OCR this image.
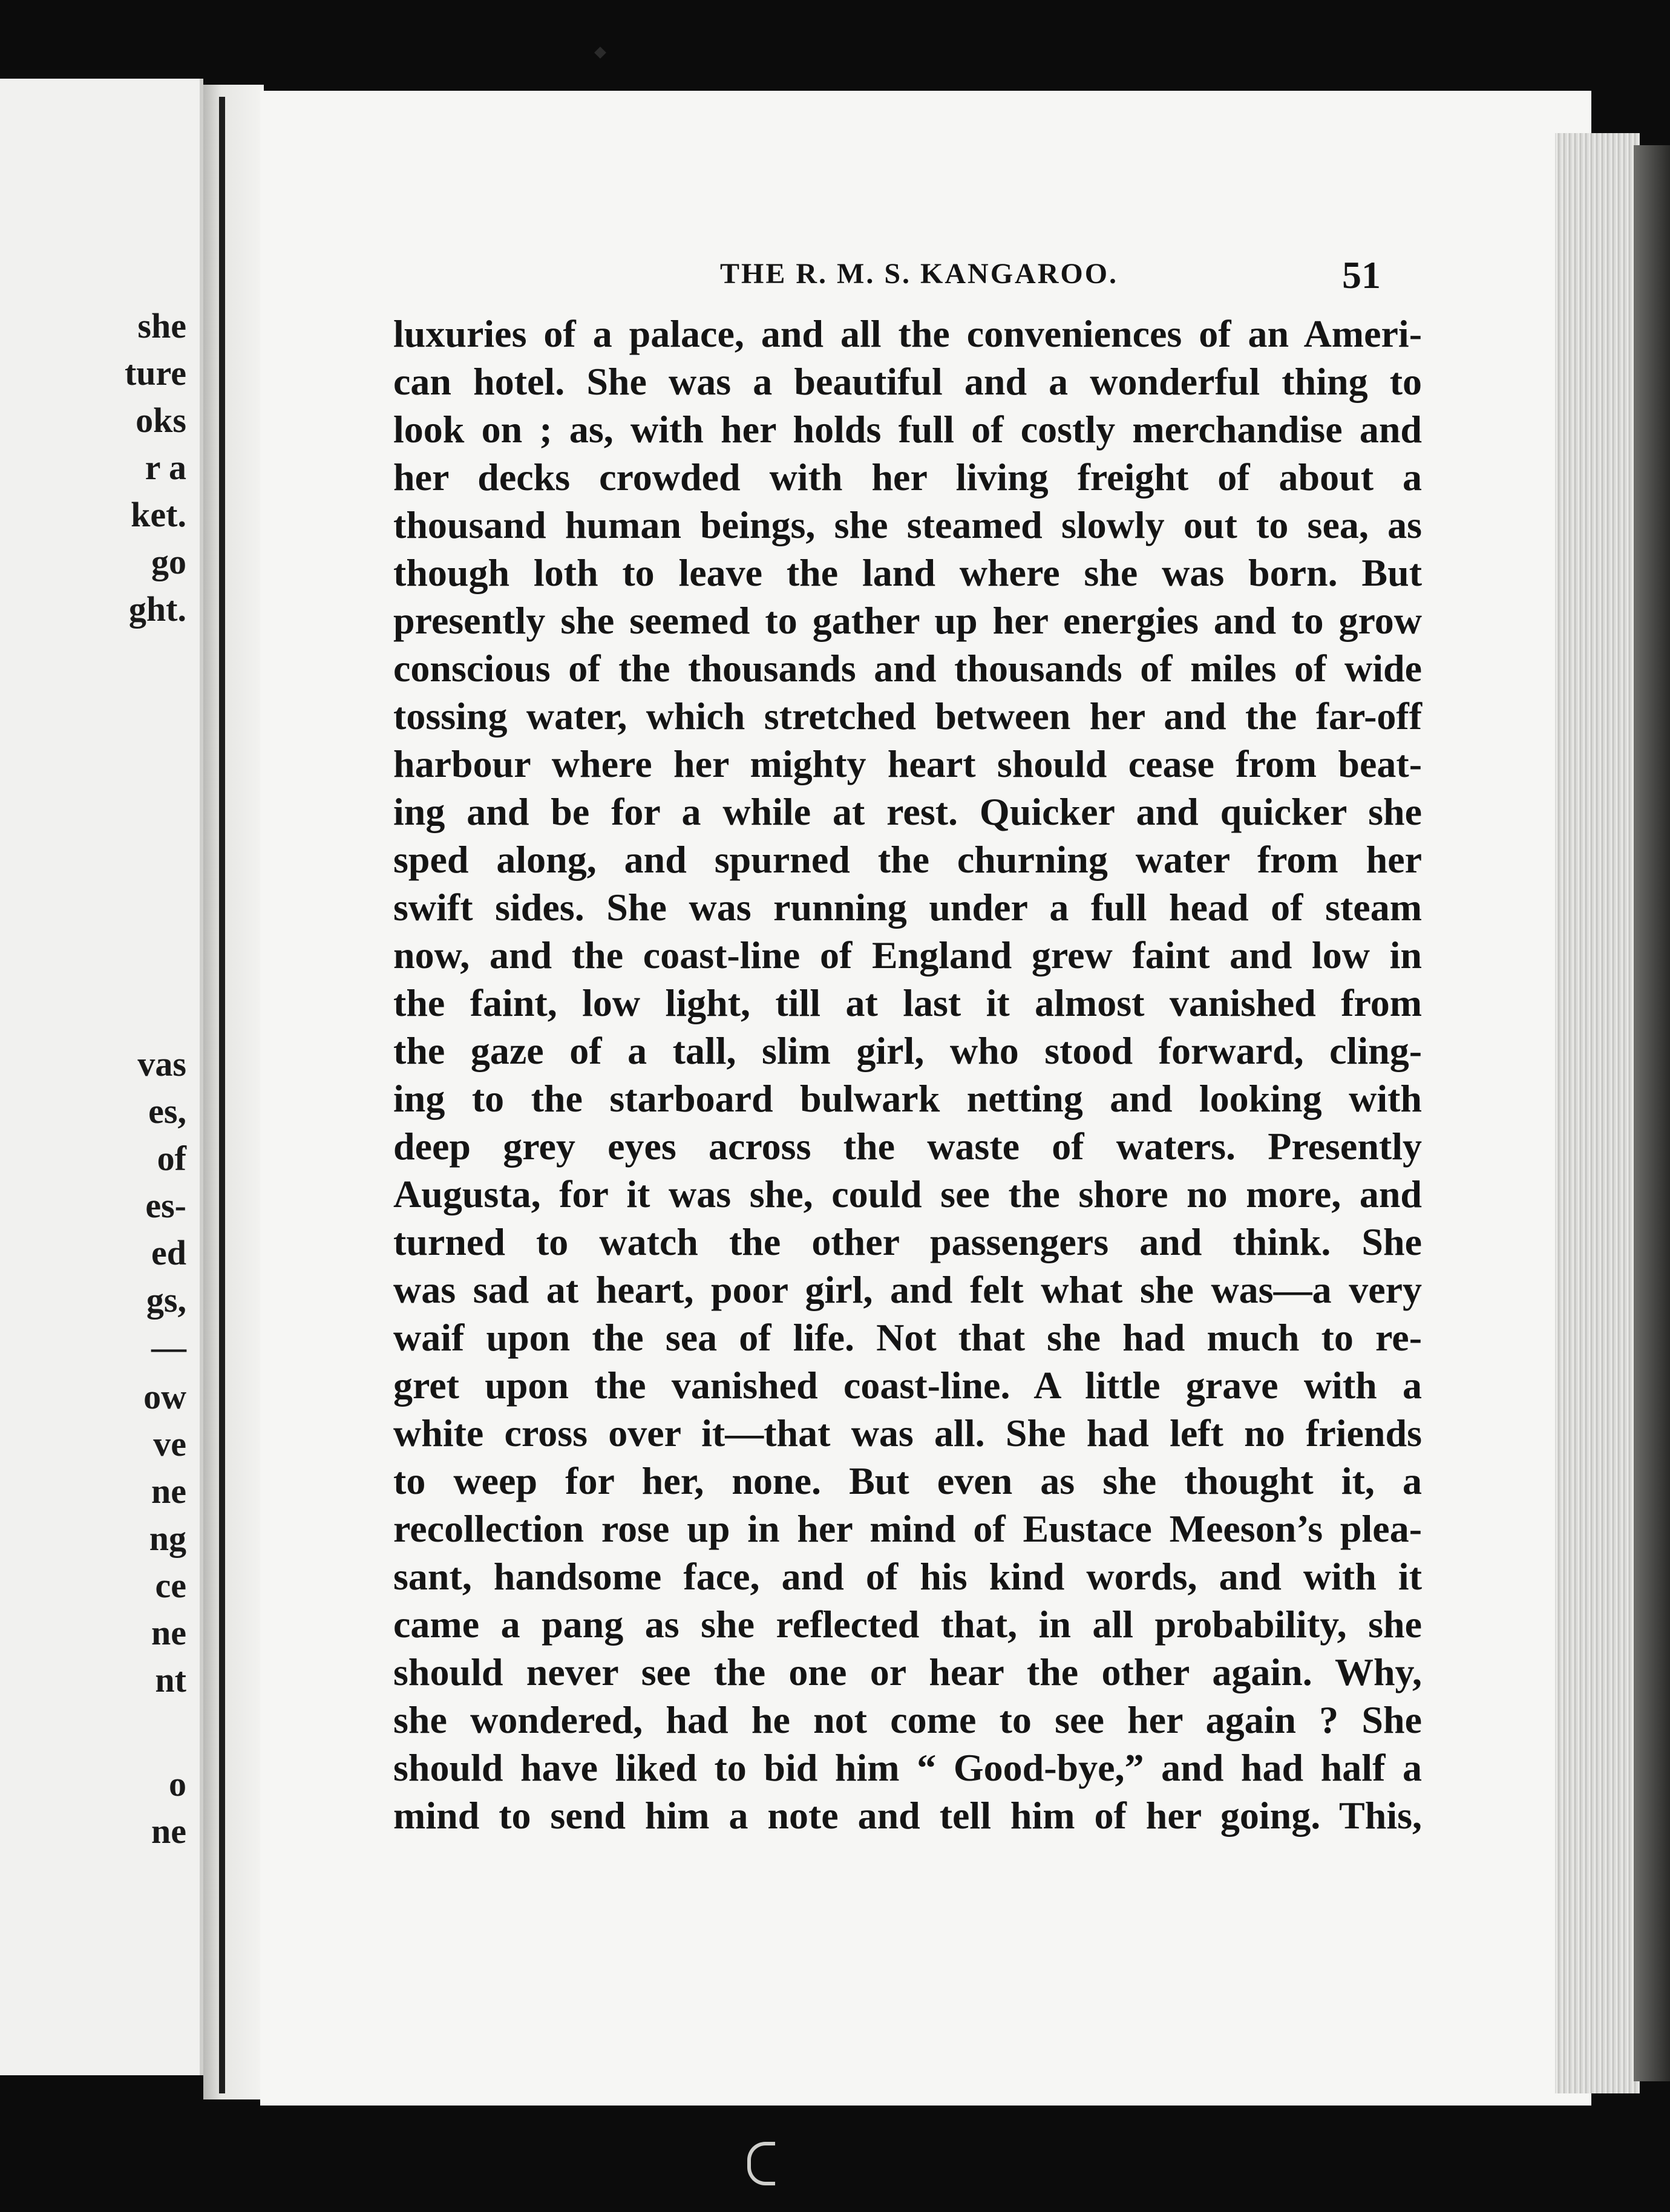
she
ture
oks
r a
ket.
go
ght.
vas
es,
of
es-
ed
gs,
—
ow
ve
ne
ng
ce
ne
nt
o
ne
THE R. M. S. KANGAROO.	51
luxuries of a palace, and all the conveniences of an Ameri-
can hotel. She was a beautiful and a wonderful thing to
look on ; as, with her holds full of costly merchandise and
her decks crowded with her living freight of about a
thousand human beings, she steamed slowly out to sea, as
though loth to leave the land where she was born. But
presently she seemed to gather up her energies and to grow
conscious of the thousands and thousands of miles of wide
tossing water, which stretched between her and the far-off
harbour where her mighty heart should cease from beat-
ing and be for a while at rest. Quicker and quicker she
sped along, and spurned the churning water from her
swift sides. She was running under a full head of steam
now, and the coast-line of England grew faint and low in
the faint, low light, till at last it almost vanished from
the gaze of a tall, slim girl, who stood forward, cling-
ing to the starboard bulwark netting and looking with
deep grey eyes across the waste of waters. Presently
Augusta, for it was she, could see the shore no more, and
turned to watch the other passengers and think. She
was sad at heart, poor girl, and felt what she was—a very
waif upon the sea of life. Not that she had much to re-
gret upon the vanished coast-line. A little grave with a
white cross over it—that was all. She had left no friends
to weep for her, none. But even as she thought it, a
recollection rose up in her mind of Eustace Meeson’s plea-
sant, handsome face, and of his kind words, and with it
came a pang as she reflected that, in all probability, she
should never see the one or hear the other again. Why,
she wondered, had he not come to see her again ? She
should have liked to bid him “ Good-bye,” and had half a
mind to send him a note and tell him of her going. This,
